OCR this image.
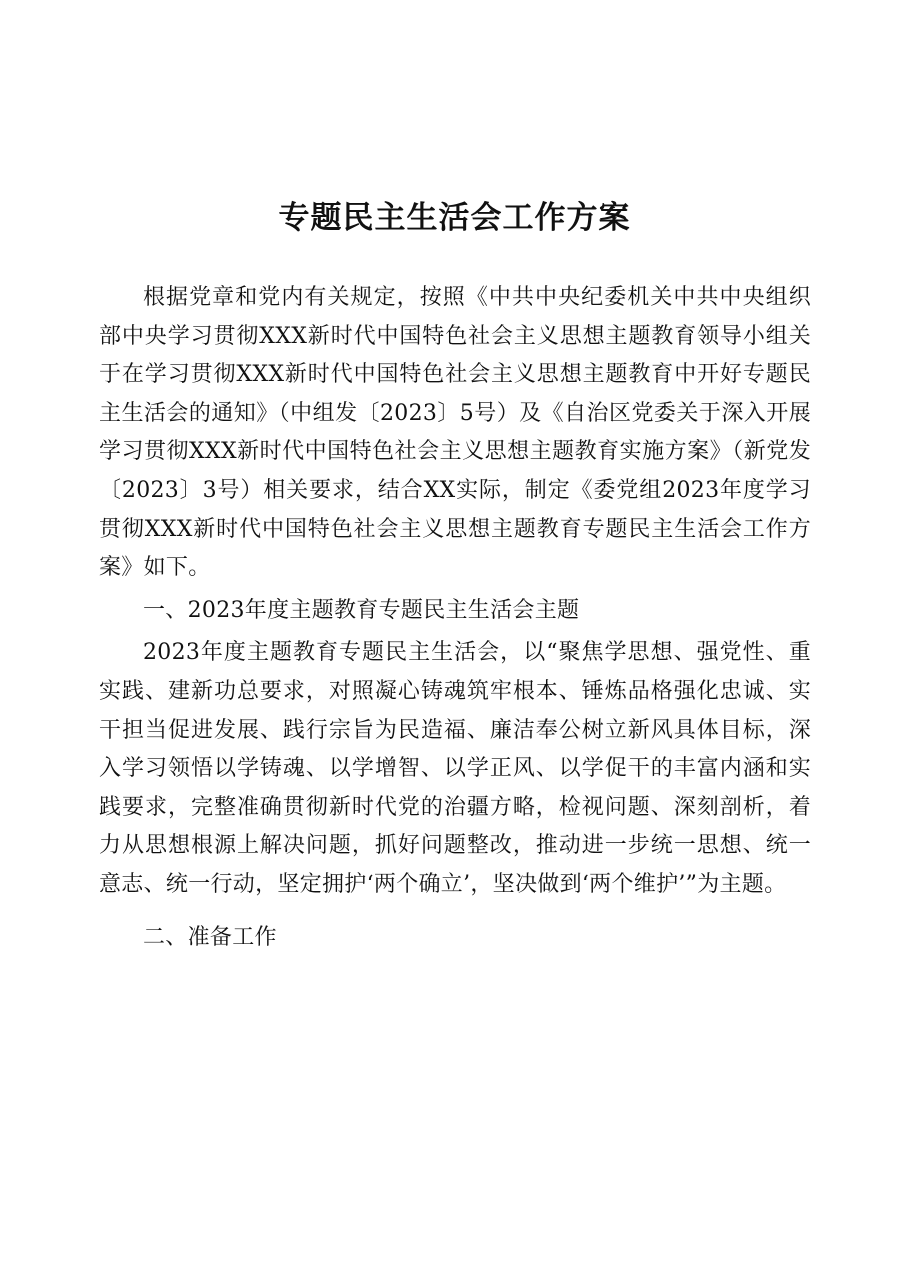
专题民主生活会工作方案

根据党章和党内有关规定，按照《中共中央纪委机关中共中央组织部中央学习贯彻XXX新时代中国特色社会主义思想主题教育领导小组关于在学习贯彻XXX新时代中国特色社会主义思想主题教育中开好专题民主生活会的通知》（中组发〔2023〕5号）及《自治区党委关于深入开展学习贯彻XXX新时代中国特色社会主义思想主题教育实施方案》（新党发〔2023〕3号）相关要求，结合XX实际，制定《委党组2023年度学习贯彻XXX新时代中国特色社会主义思想主题教育专题民主生活会工作方案》如下。

一、2023年度主题教育专题民主生活会主题

2023年度主题教育专题民主生活会，以“聚焦学思想、强党性、重实践、建新功总要求，对照凝心铸魂筑牢根本、锤炼品格强化忠诚、实干担当促进发展、践行宗旨为民造福、廉洁奉公树立新风具体目标，深入学习领悟以学铸魂、以学增智、以学正风、以学促干的丰富内涵和实践要求，完整准确贯彻新时代党的治疆方略，检视问题、深刻剖析，着力从思想根源上解决问题，抓好问题整改，推动进一步统一思想、统一意志、统一行动，坚定拥护‘两个确立’，坚决做到‘两个维护’”为主题。

二、准备工作
